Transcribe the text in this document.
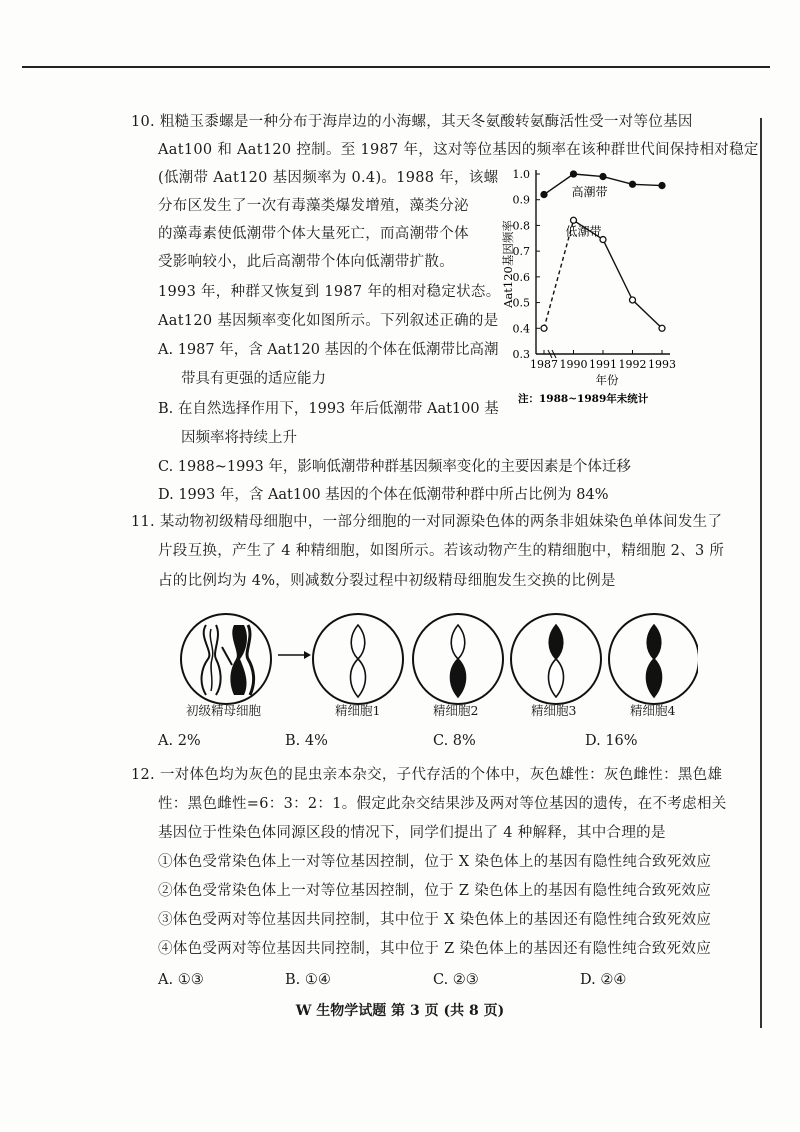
10. 粗糙玉黍螺是一种分布于海岸边的小海螺，其天冬氨酸转氨酶活性受一对等位基因
Aat100 和 Aat120 控制。至 1987 年，这对等位基因的频率在该种群世代间保持相对稳定
(低潮带 Aat120 基因频率为 0.4)。1988 年，该螺
分布区发生了一次有毒藻类爆发增殖，藻类分泌
的藻毒素使低潮带个体大量死亡，而高潮带个体
受影响较小，此后高潮带个体向低潮带扩散。
1993 年，种群又恢复到 1987 年的相对稳定状态。
Aat120 基因频率变化如图所示。下列叙述正确的是
A. 1987 年，含 Aat120 基因的个体在低潮带比高潮
带具有更强的适应能力
B. 在自然选择作用下，1993 年后低潮带 Aat100 基
因频率将持续上升
C. 1988~1993 年，影响低潮带种群基因频率变化的主要因素是个体迁移
D. 1993 年，含 Aat100 基因的个体在低潮带种群中所占比例为 84%
1.0
0.9
0.8
0.7
0.6
0.5
0.4
0.3
1987 1990 1991 1992 1993
年份
Aat120基因频率
注：1988~1989年未统计
高潮带
低潮带
11. 某动物初级精母细胞中，一部分细胞的一对同源染色体的两条非姐妹染色单体间发生了
片段互换，产生了 4 种精细胞，如图所示。若该动物产生的精细胞中，精细胞 2、3 所
占的比例均为 4%，则减数分裂过程中初级精母细胞发生交换的比例是
初级精母细胞	精细胞1	精细胞2	精细胞3	精细胞4
A. 2%	B. 4%	C. 8%	D. 16%
12. 一对体色均为灰色的昆虫亲本杂交，子代存活的个体中，灰色雄性：灰色雌性：黑色雄
性：黑色雌性=6：3：2：1。假定此杂交结果涉及两对等位基因的遗传，在不考虑相关
基因位于性染色体同源区段的情况下，同学们提出了 4 种解释，其中合理的是
①体色受常染色体上一对等位基因控制，位于 X 染色体上的基因有隐性纯合致死效应
②体色受常染色体上一对等位基因控制，位于 Z 染色体上的基因有隐性纯合致死效应
③体色受两对等位基因共同控制，其中位于 X 染色体上的基因还有隐性纯合致死效应
④体色受两对等位基因共同控制，其中位于 Z 染色体上的基因还有隐性纯合致死效应
A. ①③	B. ①④	C. ②③	D. ②④
W 生物学试题 第 3 页 (共 8 页)
